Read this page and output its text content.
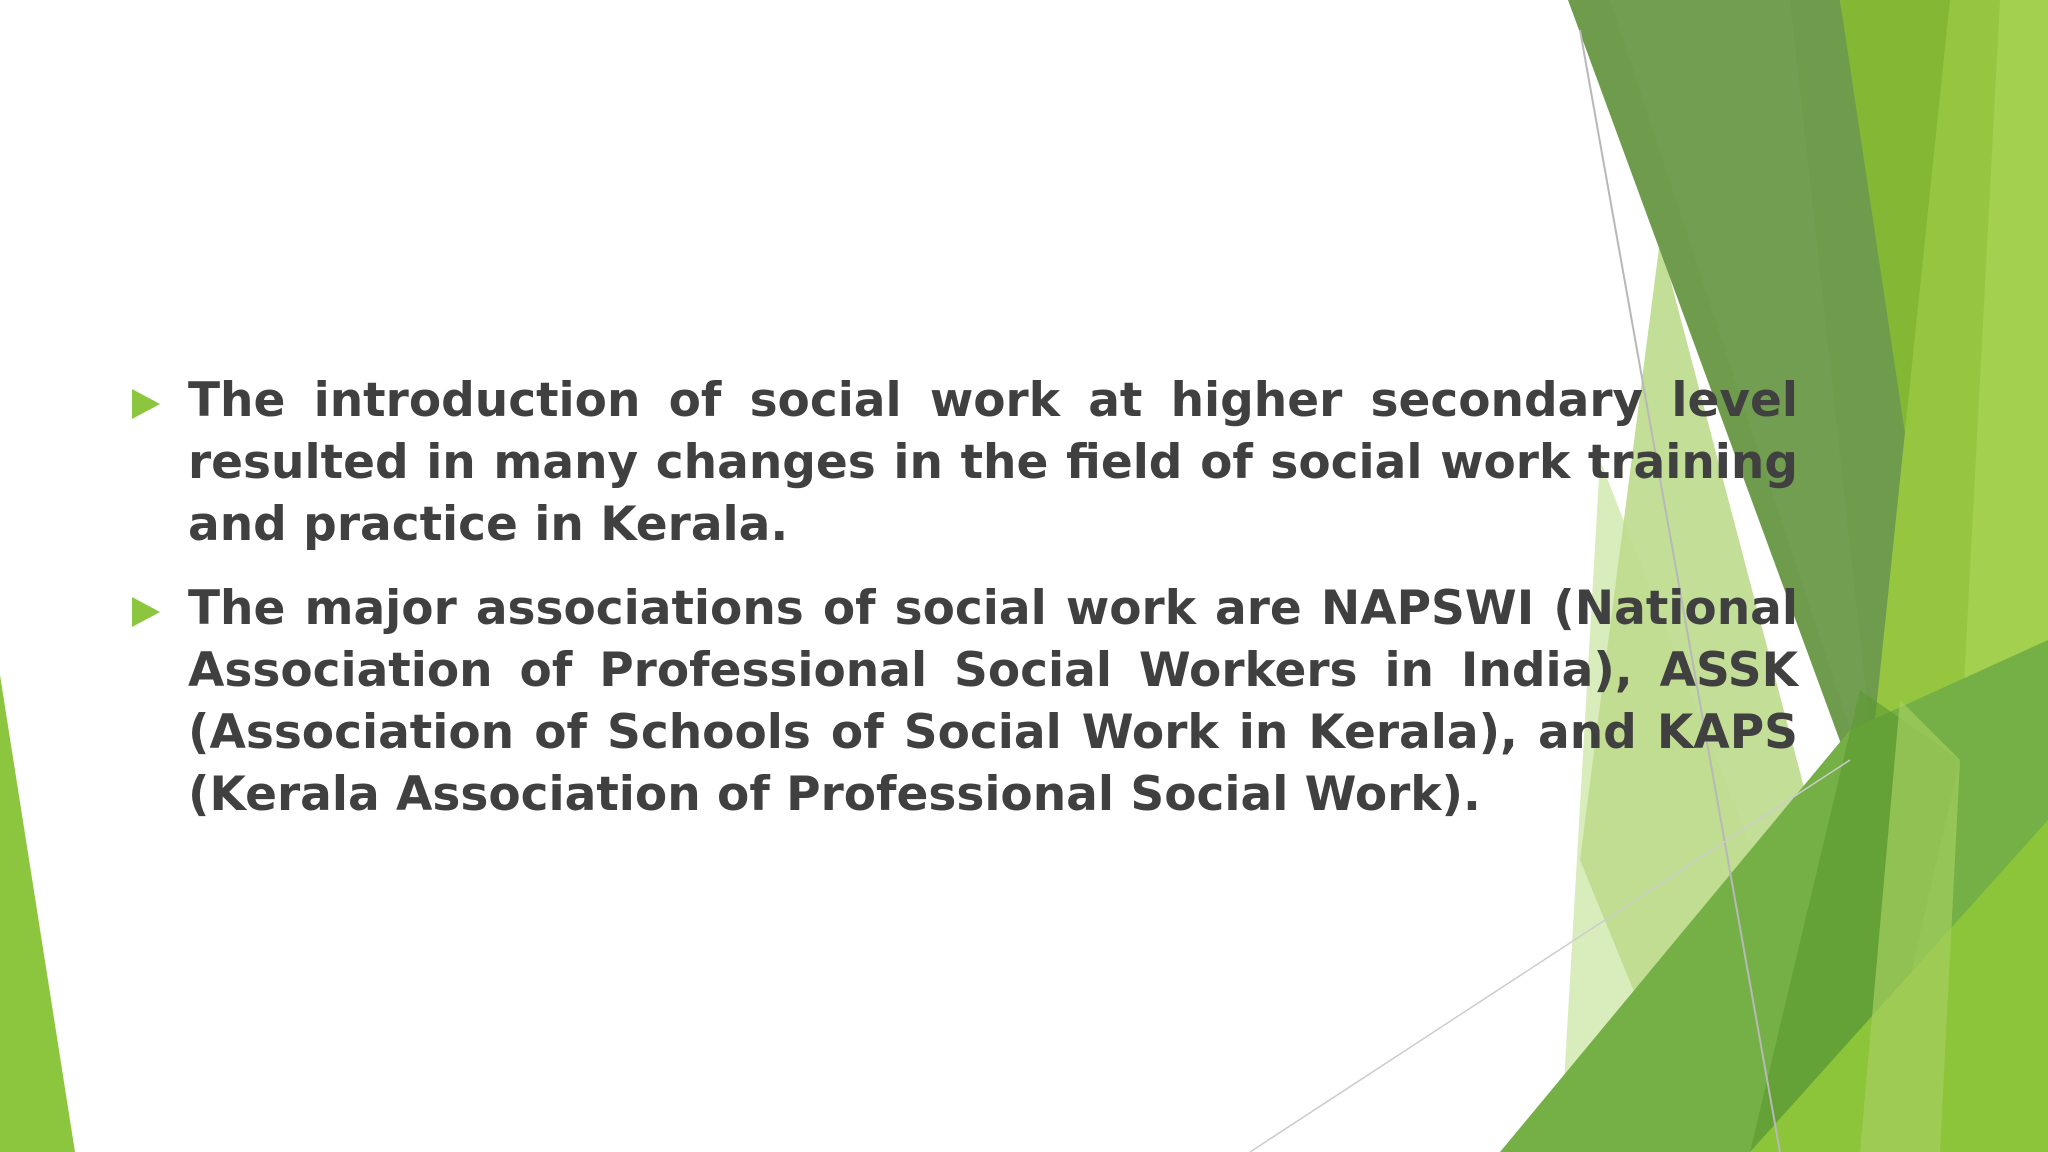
The introduction of social work at higher secondary level resulted in many changes in the field of social work training and practice in Kerala.
The major associations of social work are NAPSWI (National Association of Professional Social Workers in India), ASSK (Association of Schools of Social Work in Kerala), and KAPS (Kerala Association of Professional Social Work).
